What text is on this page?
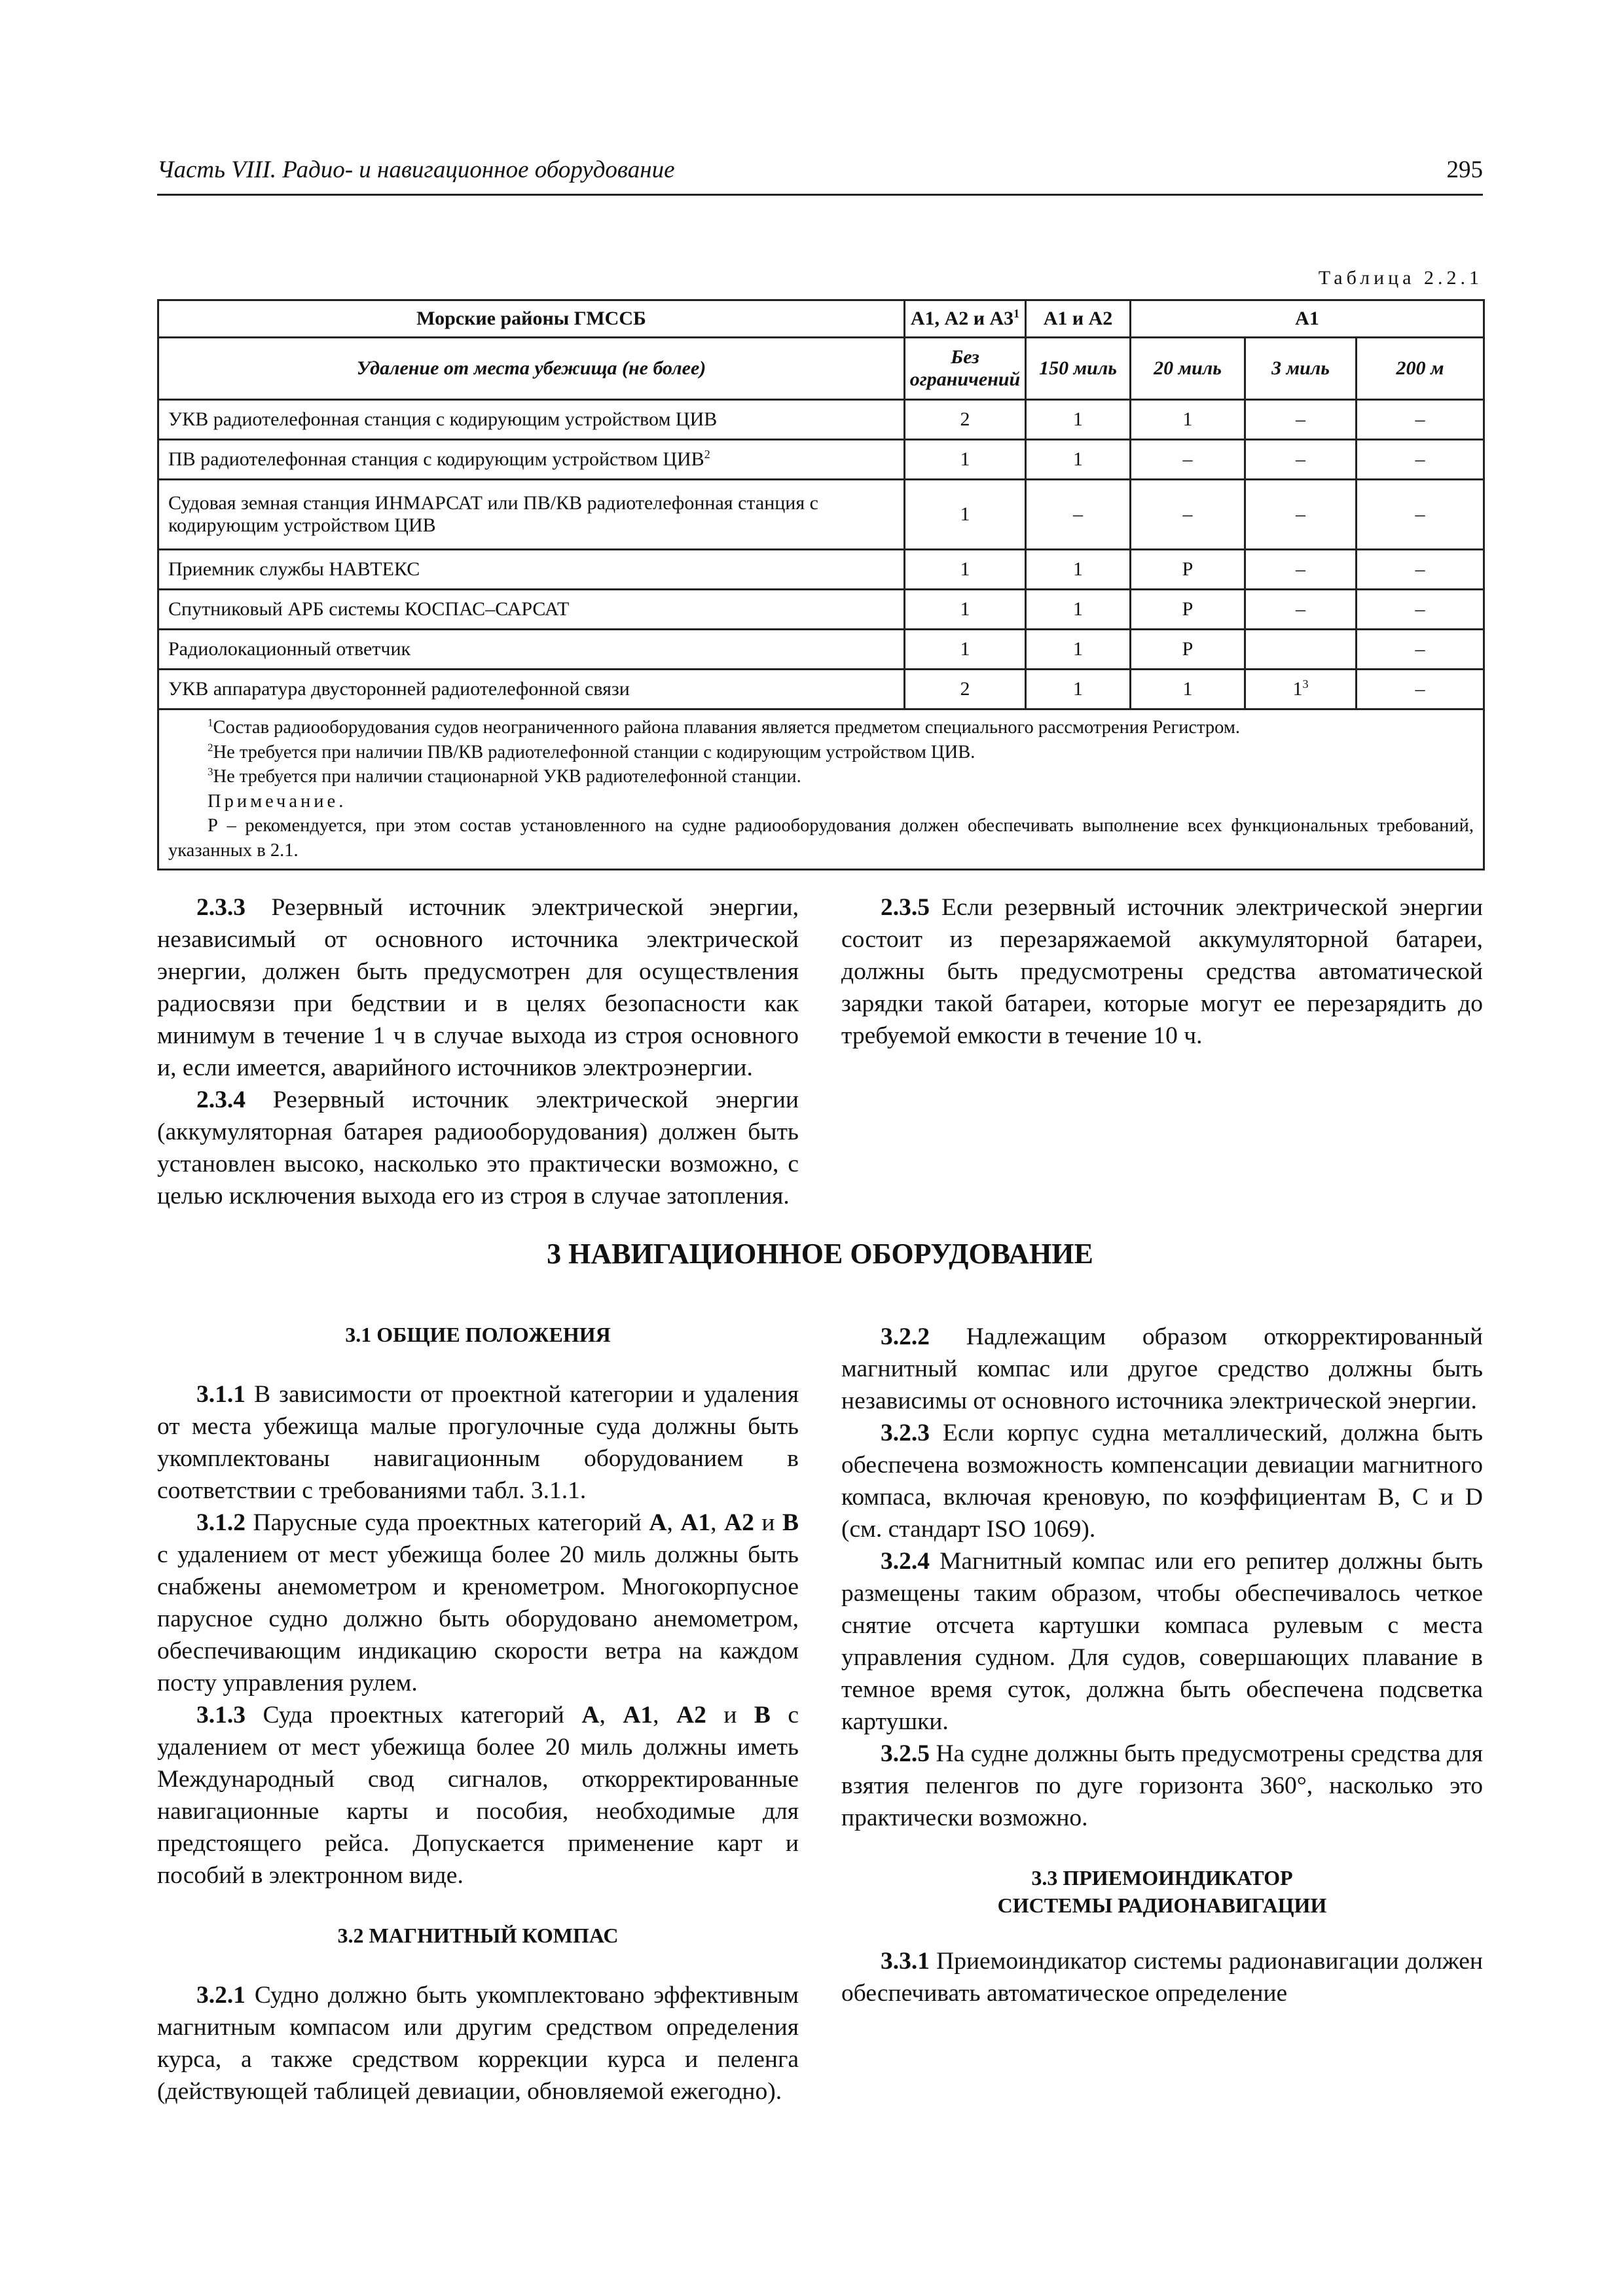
Часть VIII. Радио- и навигационное оборудование	295
Таблица 2.2.1
Морские районы ГМССБ	А1, А2 и $А3^1$	А1 и А2	А1		
Удаление от места убежища (не более)	Без ограничений	150 миль	20 миль	3 миль	200 м
УКВ радиотелефонная станция с кодирующим устройством ЦИВ	2	1	1	–	–
ПВ радиотелефонная станция с кодирующим устройством ЦИВ$^2$	1	1	–	–	–
Судовая земная станция ИНМАРСАТ или ПВ/КВ радиотелефонная станция с кодирующим устройством ЦИВ	1	–	–	–	–
Приемник службы НАВТЕКС	1	1	Р	–	–
Спутниковый АРБ системы КОСПАС–САРСАТ	1	1	Р	–	–
Радиолокационный ответчик	1	1	Р		–
УКВ аппаратура двусторонней радиотелефонной связи	2	1	1	$1^3$	–

$^1$Состав радиооборудования судов неограниченного района плавания является предметом специального рассмотрения Регистром.

$^2$Не требуется при наличии ПВ/КВ радиотелефонной станции с кодирующим устройством ЦИВ.

$^3$Не требуется при наличии стационарной УКВ радиотелефонной станции.

Примечание.

Р – рекомендуется, при этом состав установленного на судне радиооборудования должен обеспечивать выполнение всех функциональных требований, указанных в 2.1.					

2.3.3 Резервный источник электрической энергии, независимый от основного источника электрической энергии, должен быть предусмотрен для осуществления радиосвязи при бедствии и в целях безопасности как минимум в течение 1 ч в случае выхода из строя основного и, если имеется, аварийного источников электроэнергии.

2.3.4 Резервный источник электрической энергии (аккумуляторная батарея радиооборудования) должен быть установлен высоко, насколько это практически возможно, с целью исключения выхода его из строя в случае затопления.

2.3.5 Если резервный источник электрической энергии состоит из перезаряжаемой аккумуляторной батареи, должны быть предусмотрены средства автоматической зарядки такой батареи, которые могут ее перезарядить до требуемой емкости в течение 10 ч.

3 НАВИГАЦИОННОЕ ОБОРУДОВАНИЕ
3.1 ОБЩИЕ ПОЛОЖЕНИЯ

3.1.1 В зависимости от проектной категории и удаления от места убежища малые прогулочные суда должны быть укомплектованы навигационным оборудованием в соответствии с требованиями табл. 3.1.1.

3.1.2 Парусные суда проектных категорий А, А1, А2 и В с удалением от мест убежища более 20 миль должны быть снабжены анемометром и кренометром. Многокорпусное парусное судно должно быть оборудовано анемометром, обеспечивающим индикацию скорости ветра на каждом посту управления рулем.

3.1.3 Суда проектных категорий А, А1, А2 и В с удалением от мест убежища более 20 миль должны иметь Международный свод сигналов, откорректированные навигационные карты и пособия, необходимые для предстоящего рейса. Допускается применение карт и пособий в электронном виде.

3.2 МАГНИТНЫЙ КОМПАС

3.2.1 Судно должно быть укомплектовано эффективным магнитным компасом или другим средством определения курса, а также средством коррекции курса и пеленга (действующей таблицей девиации, обновляемой ежегодно).

3.2.2 Надлежащим образом откорректированный магнитный компас или другое средство должны быть независимы от основного источника электрической энергии.

3.2.3 Если корпус судна металлический, должна быть обеспечена возможность компенсации девиации магнитного компаса, включая креновую, по коэффициентам B, C и D (см. стандарт ISO 1069).

3.2.4 Магнитный компас или его репитер должны быть размещены таким образом, чтобы обеспечивалось четкое снятие отсчета картушки компаса рулевым с места управления судном. Для судов, совершающих плавание в темное время суток, должна быть обеспечена подсветка картушки.

3.2.5 На судне должны быть предусмотрены средства для взятия пеленгов по дуге горизонта 360°, насколько это практически возможно.

3.3 ПРИЕМОИНДИКАТОР
СИСТЕМЫ РАДИОНАВИГАЦИИ

3.3.1 Приемоиндикатор системы радионавигации должен обеспечивать автоматическое определение
